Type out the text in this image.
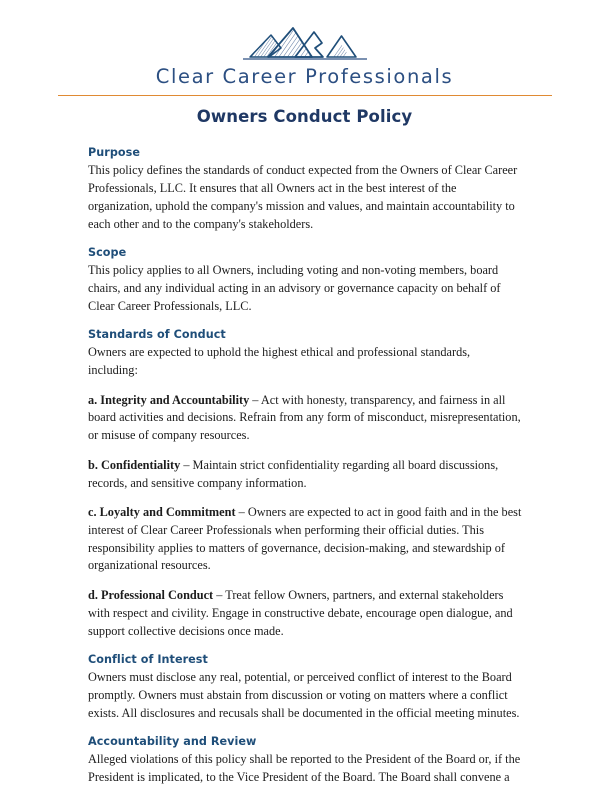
Clear Career Professionals
Owners Conduct Policy
Purpose

This policy defines the standards of conduct expected from the Owners of Clear Career Professionals, LLC. It ensures that all Owners act in the best interest of the organization, uphold the company's mission and values, and maintain accountability to each other and to the company's stakeholders.

Scope

This policy applies to all Owners, including voting and non-voting members, board chairs, and any individual acting in an advisory or governance capacity on behalf of Clear Career Professionals, LLC.

Standards of Conduct

Owners are expected to uphold the highest ethical and professional standards, including:

a. Integrity and Accountability – Act with honesty, transparency, and fairness in all board activities and decisions. Refrain from any form of misconduct, misrepresentation, or misuse of company resources.

b. Confidentiality – Maintain strict confidentiality regarding all board discussions, records, and sensitive company information.

c. Loyalty and Commitment – Owners are expected to act in good faith and in the best interest of Clear Career Professionals when performing their official duties. This responsibility applies to matters of governance, decision-making, and stewardship of organizational resources.

d. Professional Conduct – Treat fellow Owners, partners, and external stakeholders with respect and civility. Engage in constructive debate, encourage open dialogue, and support collective decisions once made.

Conflict of Interest

Owners must disclose any real, potential, or perceived conflict of interest to the Board promptly. Owners must abstain from discussion or voting on matters where a conflict exists. All disclosures and recusals shall be documented in the official meeting minutes.

Accountability and Review

Alleged violations of this policy shall be reported to the President of the Board or, if the President is implicated, to the Vice President of the Board. The Board shall convene a
